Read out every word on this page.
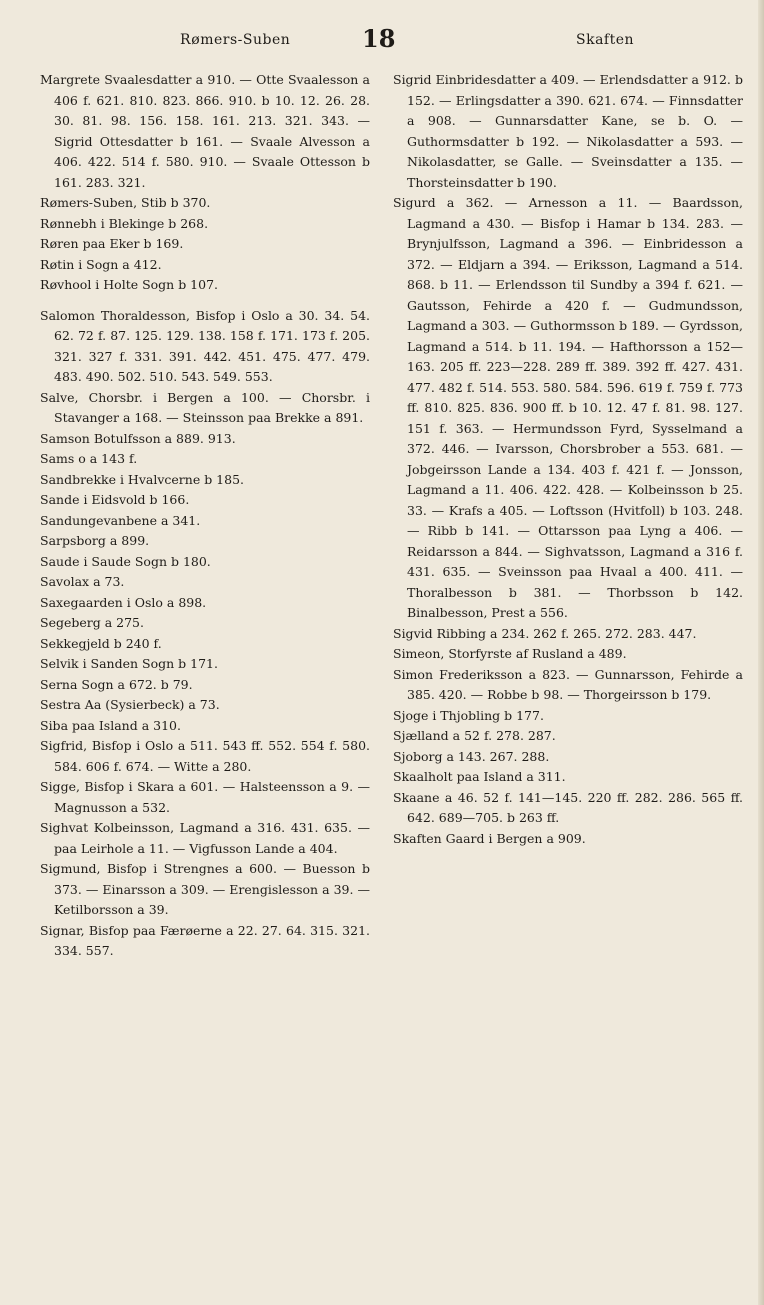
Rømers-Suben	18	Skaften

Margrete Svaalesdatter a 910. — Otte Svaalesson a 406 f. 621. 810. 823. 866. 910. b 10. 12. 26. 28. 30. 81. 98. 156. 158. 161. 213. 321. 343. — Sigrid Ottesdatter b 161. — Svaale Alvesson a 406. 422. 514 f. 580. 910. — Svaale Ottesson b 161. 283. 321.

Rømers-Suben, Stib b 370.

Rønnebh i Blekinge b 268.

Røren paa Eker b 169.

Røtin i Sogn a 412.

Røvhool i Holte Sogn b 107.

Salomon Thoraldesson, Bisfop i Oslo a 30. 34. 54. 62. 72 f. 87. 125. 129. 138. 158 f. 171. 173 f. 205. 321. 327 f. 331. 391. 442. 451. 475. 477. 479. 483. 490. 502. 510. 543. 549. 553.

Salve, Chorsbr. i Bergen a 100. — Chorsbr. i Stavanger a 168. — Steinsson paa Brekke a 891.

Samson Botulfsson a 889. 913.

Sams o a 143 f.

Sandbrekke i Hvalvcerne b 185.

Sande i Eidsvold b 166.

Sandungevanbene a 341.

Sarpsborg a 899.

Saude i Saude Sogn b 180.

Savolax a 73.

Saxegaarden i Oslo a 898.

Segeberg a 275.

Sekkegjeld b 240 f.

Selvik i Sanden Sogn b 171.

Serna Sogn a 672. b 79.

Sestra Aa (Sysierbeck) a 73.

Siba paa Island a 310.

Sigfrid, Bisfop i Oslo a 511. 543 ff. 552. 554 f. 580. 584. 606 f. 674. — Witte a 280.

Sigge, Bisfop i Skara a 601. — Halsteensson a 9. — Magnusson a 532.

Sighvat Kolbeinsson, Lagmand a 316. 431. 635. — paa Leirhole a 11. — Vigfusson Lande a 404.

Sigmund, Bisfop i Strengnes a 600. — Buesson b 373. — Einarsson a 309. — Erengislesson a 39. — Ketilborsson a 39.

Signar, Bisfop paa Færøerne a 22. 27. 64. 315. 321. 334. 557.

Sigrid Einbridesdatter a 409. — Erlendsdatter a 912. b 152. — Erlingsdatter a 390. 621. 674. — Finnsdatter a 908. — Gunnarsdatter Kane, se b. O. — Guthormsdatter b 192. — Nikolasdatter a 593. — Nikolasdatter, se Galle. — Sveinsdatter a 135. — Thorsteinsdatter b 190.

Sigurd a 362. — Arnesson a 11. — Baardsson, Lagmand a 430. — Bisfop i Hamar b 134. 283. — Brynjulfsson, Lagmand a 396. — Einbridesson a 372. — Eldjarn a 394. — Eriksson, Lagmand a 514. 868. b 11. — Erlendsson til Sundby a 394 f. 621. — Gautsson, Fehirde a 420 f. — Gudmundsson, Lagmand a 303. — Guthormsson b 189. — Gyrdsson, Lagmand a 514. b 11. 194. — Hafthorsson a 152—163. 205 ff. 223—228. 289 ff. 389. 392 ff. 427. 431. 477. 482 f. 514. 553. 580. 584. 596. 619 f. 759 f. 773 ff. 810. 825. 836. 900 ff. b 10. 12. 47 f. 81. 98. 127. 151 f. 363. — Hermundsson Fyrd, Sysselmand a 372. 446. — Ivarsson, Chorsbrober a 553. 681. — Jobgeirsson Lande a 134. 403 f. 421 f. — Jonsson, Lagmand a 11. 406. 422. 428. — Kolbeinsson b 25. 33. — Krafs a 405. — Loftsson (Hvitfoll) b 103. 248. — Ribb b 141. — Ottarsson paa Lyng a 406. — Reidarsson a 844. — Sighvatsson, Lagmand a 316 f. 431. 635. — Sveinsson paa Hvaal a 400. 411. — Thoralbesson b 381. — Thorbsson b 142. Binalbesson, Prest a 556.

Sigvid Ribbing a 234. 262 f. 265. 272. 283. 447.

Simeon, Storfyrste af Rusland a 489.

Simon Frederiksson a 823. — Gunnarsson, Fehirde a 385. 420. — Robbe b 98. — Thorgeirsson b 179.

Sjoge i Thjobling b 177.

Sjælland a 52 f. 278. 287.

Sjoborg a 143. 267. 288.

Skaalholt paa Island a 311.

Skaane a 46. 52 f. 141—145. 220 ff. 282. 286. 565 ff. 642. 689—705. b 263 ff.

Skaften Gaard i Bergen a 909.
